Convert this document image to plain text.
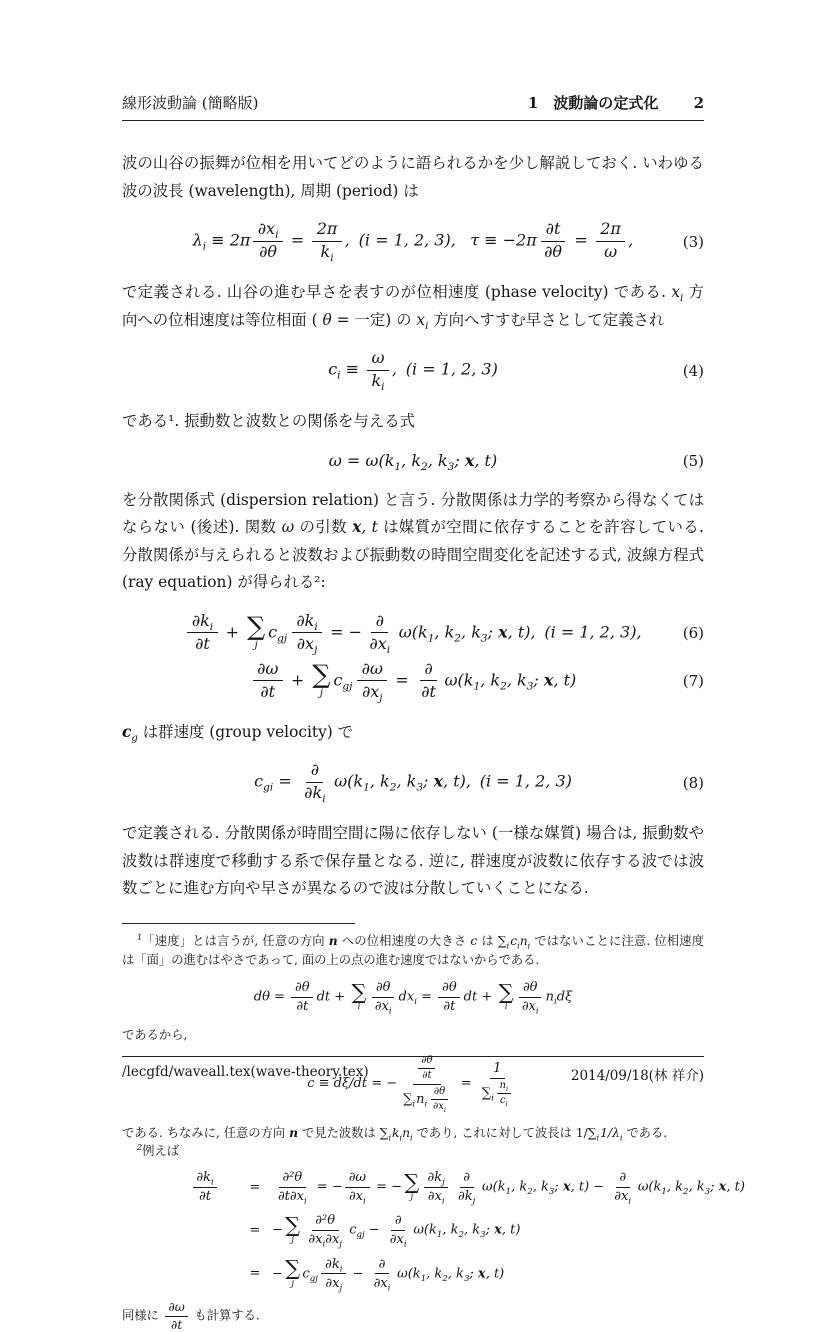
線形波動論 (簡略版)	1　波動論の定式化 2

波の山谷の振舞が位相を用いてどのように語られるかを少し解説しておく. いわゆる波の波長 (wavelength), 周期 (period) は

$\lambda_i \equiv 2\pi \frac{\partial x_i}{\partial\theta} = \frac{2\pi}{k_i}$ , (i = 1, 2, 3), $\tau \equiv -2\pi \frac{\partial t}{\partial\theta} = \frac{2\pi}{\omega}$ ,	(3)

で定義される. 山谷の進む早さを表すのが位相速度 (phase velocity) である. $x_i$ 方向への位相速度は等位相面 ( θ = 一定) の $x_i$ 方向へすすむ早さとして定義され

$c_i \equiv \frac{\omega}{k_i}$ , (i = 1, 2, 3)	(4)

である¹. 振動数と波数との関係を与える式

$\omega = \omega(k_1$, $k_2$, $k_3$; x, t)	(5)

を分散関係式 (dispersion relation) と言う. 分散関係は力学的考察から得なくてはならない (後述). 関数 ω の引数 x, t は媒質が空間に依存することを許容している. 分散関係が与えられると波数および振動数の時間空間変化を記述する式, 波線方程式 (ray equation) が得られる²:

$\frac{\partial k_i}{\partial t}$ + ∑
j
$c_{gj} \frac{\partial k_i}{\partial x_j}$ = − $\frac{\partial}{\partial x_i} \omega(k_1$, $k_2$, $k_3$; x, t), (i = 1, 2, 3),	(6)
$\frac{\partial\omega}{\partial t}$ + ∑
j
$c_{gj} \frac{\partial\omega}{\partial x_j} = \frac{\partial}{\partial t} \omega(k_1$, $k_2$, $k_3$; x, t)	(7)

$c_g$ は群速度 (group velocity) で

$c_{gi} = \frac{\partial}{\partial k_i} \omega(k_1$, $k_2$, $k_3$; x, t), (i = 1, 2, 3)	(8)

で定義される. 分散関係が時間空間に陽に依存しない (一様な媒質) 場合は, 振動数や波数は群速度で移動する系で保存量となる. 逆に, 群速度が波数に依存する波では波数ごとに進む方向や早さが異なるので波は分散していくことになる.

$^1$「速度」とは言うが, 任意の方向 n への位相速度の大きさ c は $\sum_ic_in_i$ ではないことに注意. 位相速度は「面」の進むはやさであって, 面の上の点の進む速度ではないからである.

$d\theta = \frac{\partial\theta}{\partial t}$ dt + ∑
i $\frac{\partial\theta}{\partial x_i} dx_i = \frac{\partial\theta}{\partial t}$ dt + ∑
i $\frac{\partial\theta}{\partial x_i} n_id\xi$

であるから,

c ≡ dξ/dt = − $\frac{\frac{\partial\theta}{\partial t}}{\sum_in_i \frac{\partial\theta}{\partial x_i}} = \frac{1}{\sum_i \frac{n_i}{c_i}}$

である. ちなみに, 任意の方向 n で見た波数は $\sum_ik_in_i$ であり, これに対して波長は $1/\sum_i1/\lambda_i$ である.

$^2$例えば

$\frac{\partial k_i}{\partial t} = \frac{\text{∂²θ}}{\partial t\partial x_i}$ = − $\frac{\partial\omega}{\partial x_i}$ = − ∑
j $\frac{\partial k_j}{\partial x_i} \frac{\partial}{\partial k_j} \omega(k_1$, $k_2$, $k_3$; x, $t) - \frac{\partial}{\partial x_i} \omega(k_1$, $k_2$, $k_3$; x, t)
= − ∑
j $\frac{\text{∂²θ}}{\partial x_i\partial x_j} c_{gj} - \frac{\partial}{\partial x_i} \omega(k_1$, $k_2$, $k_3$; x, t)
= − ∑
j
$c_{gj} \frac{\partial k_i}{\partial x_j} - \frac{\partial}{\partial x_i} \omega(k_1$, $k_2$, $k_3$; x, t)

同様に $\frac{\partial\omega}{\partial t}$ も計算する.

/lecgfd/waveall.tex(wave-theory.tex)	2014/09/18(林 祥介)
